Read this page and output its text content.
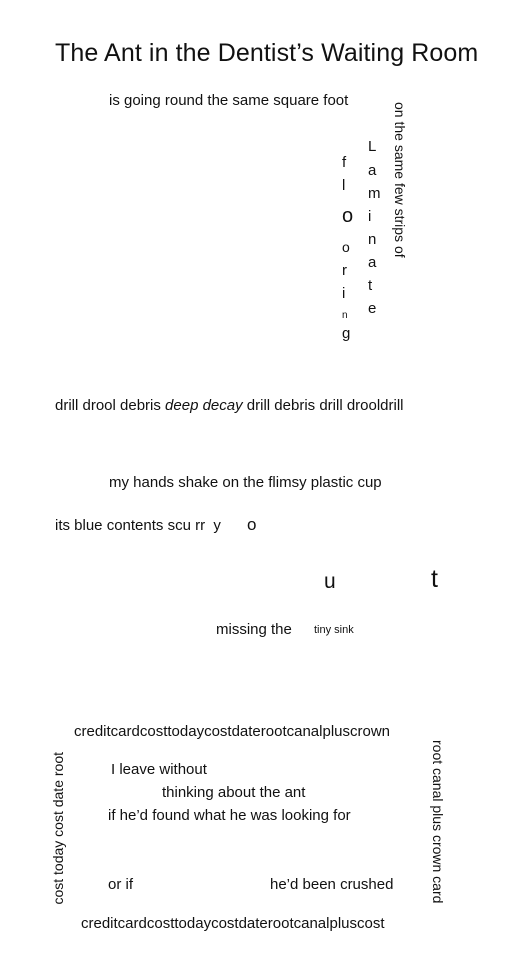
The Ant in the Dentist’s Waiting Room
is going round the same square foot
on the same few strips of
f
l
o
o
r
i
n
g
L
a
m
i
n
a
t
e
drill drool debris deep decay drill debris drill drooldrill
my hands shake on the flimsy plastic cup
its blue contents scu rr  y o
u	t
missing the tiny sink
creditcardcosttodaycostdaterootcanalpluscrown
cost today cost date root	root canal plus crown card
creditcardcosttodaycostdaterootcanalpluscost
I leave without
thinking about the ant
if he’d found what he was looking for
or if	he’d been crushed
